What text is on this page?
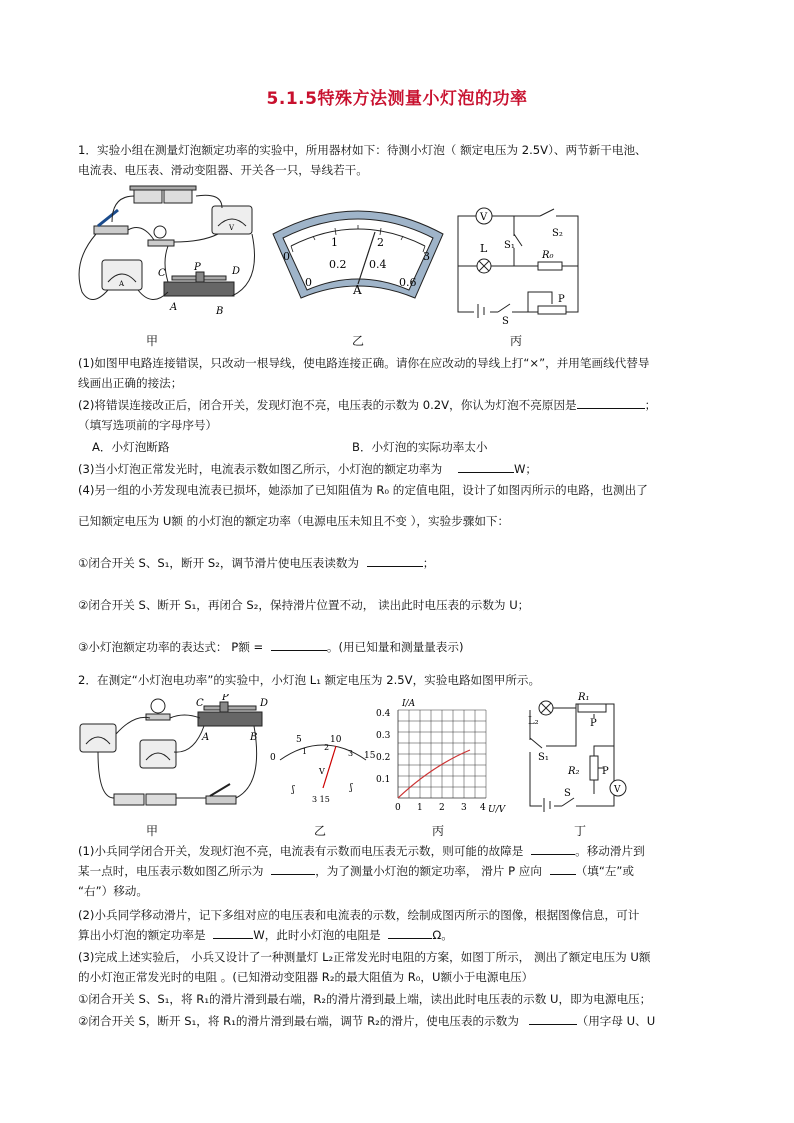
5.1.5特殊方法测量小灯泡的功率
1．实验小组在测量灯泡额定功率的实验中，所用器材如下：待测小灯泡（ 额定电压为 2.5V）、两节新干电池、
电流表、电压表、滑动变阻器、开关各一只，导线若干。
V
A
C
P	D
A	B
0
1	2
3
0
0.2 0.4
0.6
A
V
L S₁
S₂
R₀
P
S
甲	乙	丙
(1)如图甲电路连接错误，只改动一根导线，使电路连接正确。请你在应改动的导线上打“×”，并用笔画线代替导
线画出正确的接法；
(2)将错误连接改正后，闭合开关，发现灯泡不亮，电压表的示数为 0.2V，你认为灯泡不亮原因是	；
（填写选项前的字母序号）
A．小灯泡断路	B．小灯泡的实际功率太小
(3)当小灯泡正常发光时，电流表示数如图乙所示，小灯泡的额定功率为	W；
(4)另一组的小芳发现电流表已损坏，她添加了已知阻值为 R₀ 的定值电阻，设计了如图丙所示的电路，也测出了
已知额定电压为 U额 的小灯泡的额定功率（电源电压未知且不变 ），实验步骤如下：
①闭合开关 S、S₁，断开 S₂，调节滑片使电压表读数为	；
②闭合开关 S、断开 S₁，再闭合 S₂，保持滑片位置不动， 读出此时电压表的示数为 U；
③小灯泡额定功率的表达式： P额 =	。(用已知量和测量量表示)
2．在测定“小灯泡电功率”的实验中，小灯泡 L₁ 额定电压为 2.5V，实验电路如图甲所示。
C
P
D
A	B	5	10
0	15
1 2
3
V
ʃ	ʃ
3 15
I/A
U/V
0.4
0.3
0.2
0.1
0 1 2 3 4
R₁
P
L₂
S₁
R₂ P
V
S
甲	乙	丙	丁
(1)小兵同学闭合开关，发现灯泡不亮，电流表有示数而电压表无示数，则可能的故障是	。移动滑片到
某一点时，电压表示数如图乙所示为	，为了测量小灯泡的额定功率， 滑片 P 应向	（填“左”或
“右”）移动。
(2)小兵同学移动滑片，记下多组对应的电压表和电流表的示数，绘制成图丙所示的图像，根据图像信息，可计
算出小灯泡的额定功率是	W，此时小灯泡的电阻是	Ω。
(3)完成上述实验后， 小兵又设计了一种测量灯 L₂正常发光时电阻的方案，如图丁所示， 测出了额定电压为 U额
的小灯泡正常发光时的电阻 。(已知滑动变阻器 R₂的最大阻值为 R₀，U额小于电源电压）
①闭合开关 S、S₁，将 R₁的滑片滑到最右端，R₂的滑片滑到最上端，读出此时电压表的示数 U，即为电源电压；
②闭合开关 S，断开 S₁，将 R₁的滑片滑到最右端，调节 R₂的滑片，使电压表的示数为	（用字母 U、U
